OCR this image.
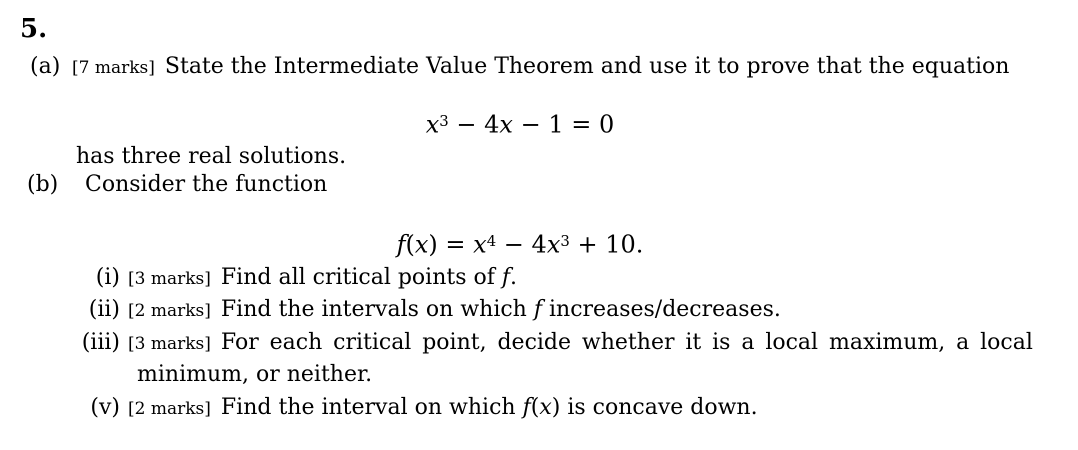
5.
(a) [7 marks] State the Intermediate Value Theorem and use it to prove that the equation
$x^3 - 4x - 1 = 0$
has three real solutions.
(b) Consider the function
$f(x) = x^4 - 4x^3 + 10$.
(i) [3 marks] Find all critical points of f.
(ii) [2 marks] Find the intervals on which f increases/decreases.
(iii) [3 marks] For each critical point, decide whether it is a local maximum, a local
minimum, or neither.
(v) [2 marks] Find the interval on which f(x) is concave down.
